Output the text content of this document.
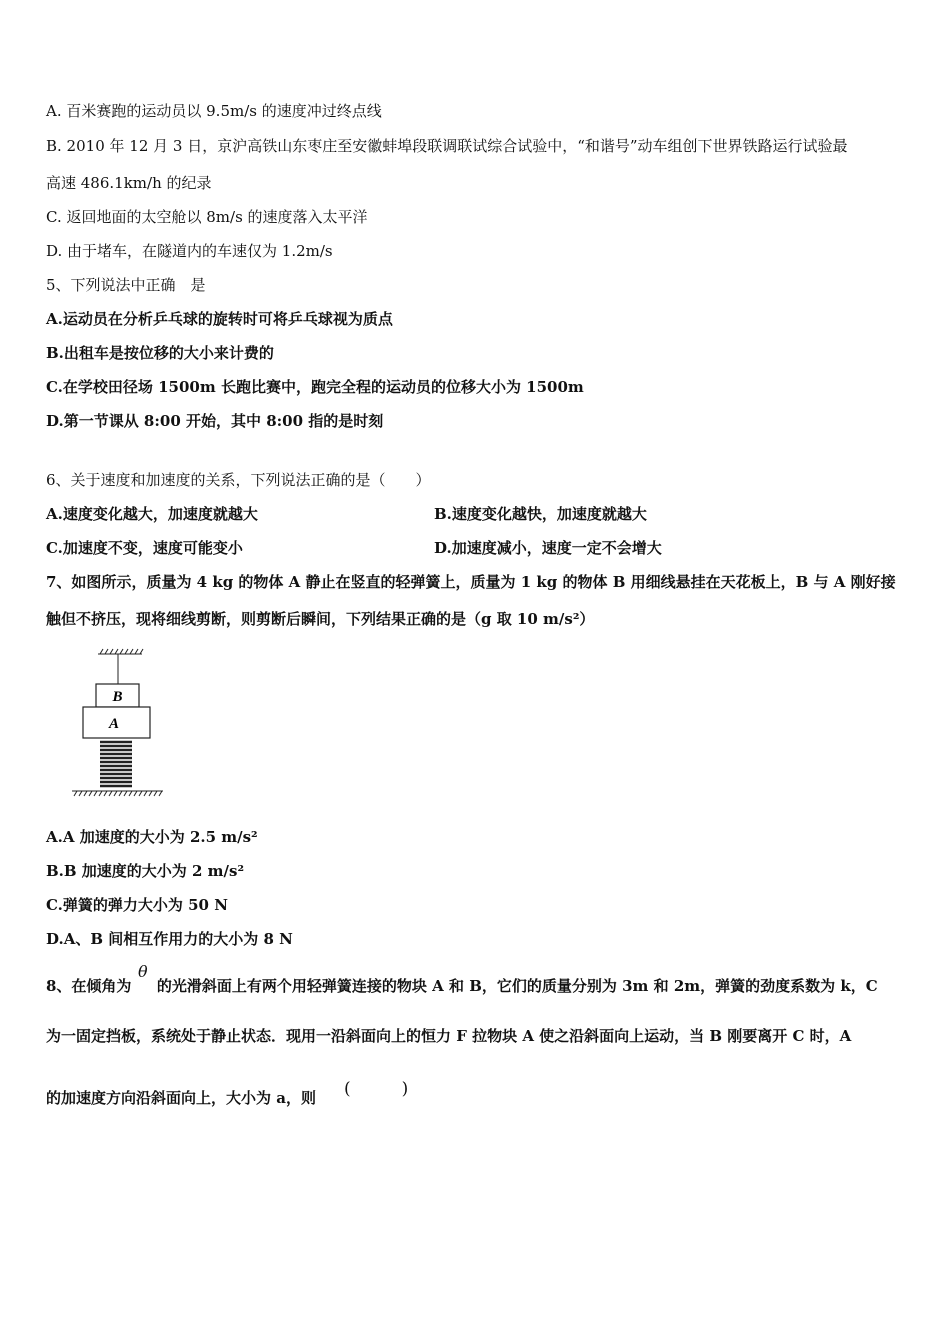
A. 百米赛跑的运动员以 9.5m/s 的速度冲过终点线
B. 2010 年 12 月 3 日，京沪高铁山东枣庄至安徽蚌埠段联调联试综合试验中，“和谐号”动车组创下世界铁路运行试验最
高速 486.1km/h 的纪录
C. 返回地面的太空舱以 8m/s 的速度落入太平洋
D. 由于堵车，在隧道内的车速仅为 1.2m/s
5、下列说法中正确　是
A.运动员在分析乒乓球的旋转时可将乒乓球视为质点
B.出租车是按位移的大小来计费的
C.在学校田径场 1500m 长跑比赛中，跑完全程的运动员的位移大小为 1500m
D.第一节课从 8:00 开始，其中 8:00 指的是时刻
6、关于速度和加速度的关系，下列说法正确的是（　　）
A.速度变化越大，加速度就越大	B.速度变化越快，加速度就越大
C.加速度不变，速度可能变小	D.加速度减小，速度一定不会增大
7、如图所示，质量为 4 kg 的物体 A 静止在竖直的轻弹簧上，质量为 1 kg 的物体 B 用细线悬挂在天花板上，B 与 A 刚好接
触但不挤压，现将细线剪断，则剪断后瞬间，下列结果正确的是（g 取 10 m/s²）
B
A
A.A 加速度的大小为 2.5 m/s²
B.B 加速度的大小为 2 m/s²
C.弹簧的弹力大小为 50 N
D.A、B 间相互作用力的大小为 8 N
θ
8、在倾角为 　 的光滑斜面上有两个用轻弹簧连接的物块 A 和 B，它们的质量分别为 3m 和 2m，弹簧的劲度系数为 k，C
为一固定挡板，系统处于静止状态．现用一沿斜面向上的恒力 F 拉物块 A 使之沿斜面向上运动，当 B 刚要离开 C 时，A
的加速度方向沿斜面向上，大小为 a，则 (　　　)
